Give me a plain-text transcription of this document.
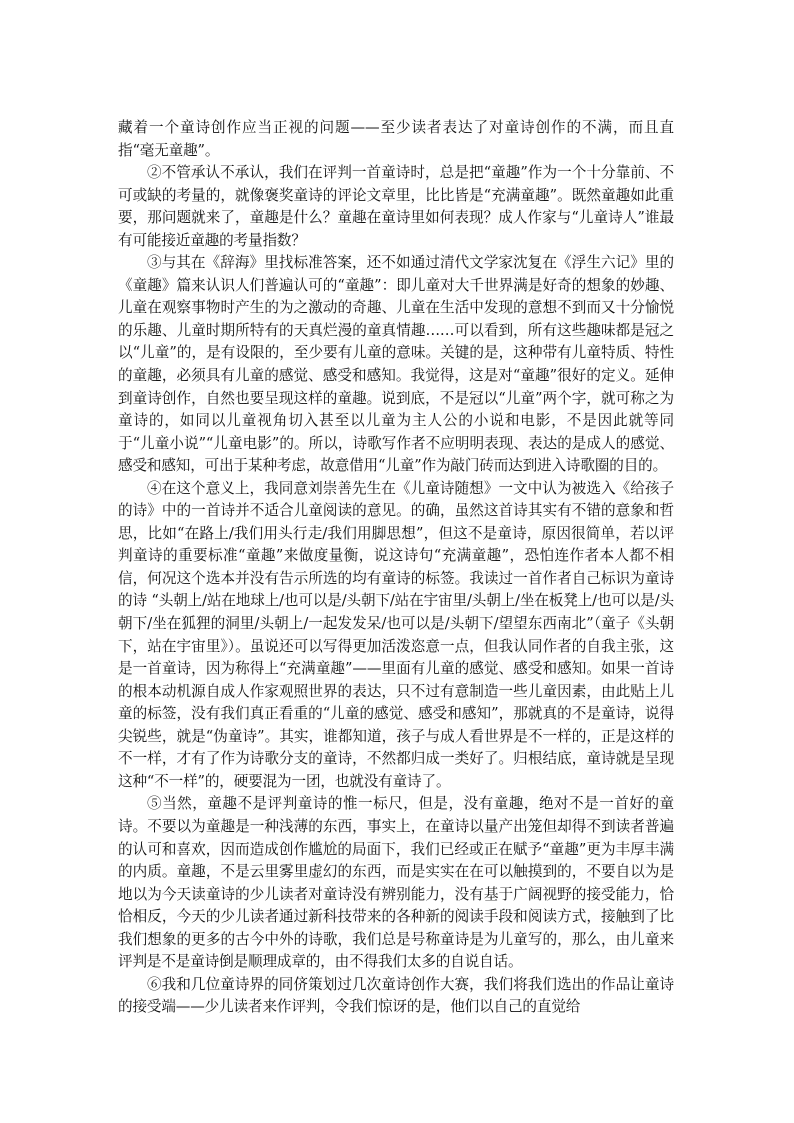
藏着一个童诗创作应当正视的问题——至少读者表达了对童诗创作的不满，而且直指“毫无童趣”。

②不管承认不承认，我们在评判一首童诗时，总是把“童趣”作为一个十分靠前、不可或缺的考量的，就像褒奖童诗的评论文章里，比比皆是“充满童趣”。既然童趣如此重要，那问题就来了，童趣是什么？童趣在童诗里如何表现？成人作家与“儿童诗人”谁最有可能接近童趣的考量指数？

③与其在《辞海》里找标准答案，还不如通过清代文学家沈复在《浮生六记》里的《童趣》篇来认识人们普遍认可的“童趣”：即儿童对大千世界满是好奇的想象的妙趣、儿童在观察事物时产生的为之激动的奇趣、儿童在生活中发现的意想不到而又十分愉悦的乐趣、儿童时期所特有的天真烂漫的童真情趣……可以看到，所有这些趣味都是冠之以“儿童”的，是有设限的，至少要有儿童的意味。关键的是，这种带有儿童特质、特性的童趣，必须具有儿童的感觉、感受和感知。我觉得，这是对“童趣”很好的定义。延伸到童诗创作，自然也要呈现这样的童趣。说到底，不是冠以“儿童”两个字，就可称之为童诗的，如同以儿童视角切入甚至以儿童为主人公的小说和电影，不是因此就等同于“儿童小说”“儿童电影”的。所以，诗歌写作者不应明明表现、表达的是成人的感觉、感受和感知，可出于某种考虑，故意借用“儿童”作为敲门砖而达到进入诗歌圈的目的。

④在这个意义上，我同意刘崇善先生在《儿童诗随想》一文中认为被选入《给孩子的诗》中的一首诗并不适合儿童阅读的意见。的确，虽然这首诗其实有不错的意象和哲思，比如“在路上/我们用头行走/我们用脚思想”，但这不是童诗，原因很简单，若以评判童诗的重要标准“童趣”来做度量衡，说这诗句“充满童趣”，恐怕连作者本人都不相信，何况这个选本并没有告示所选的均有童诗的标签。我读过一首作者自己标识为童诗的诗 “头朝上/站在地球上/也可以是/头朝下/站在宇宙里/头朝上/坐在板凳上/也可以是/头朝下/坐在狐狸的洞里/头朝上/一起发发呆/也可以是/头朝下/望望东西南北”（童子《头朝下，站在宇宙里》）。虽说还可以写得更加活泼恣意一点，但我认同作者的自我主张，这是一首童诗，因为称得上“充满童趣”——里面有儿童的感觉、感受和感知。如果一首诗的根本动机源自成人作家观照世界的表达，只不过有意制造一些儿童因素，由此贴上儿童的标签，没有我们真正看重的“儿童的感觉、感受和感知”，那就真的不是童诗，说得尖锐些，就是“伪童诗”。其实，谁都知道，孩子与成人看世界是不一样的，正是这样的不一样，才有了作为诗歌分支的童诗，不然都归成一类好了。归根结底，童诗就是呈现这种“不一样”的，硬要混为一团，也就没有童诗了。

⑤当然，童趣不是评判童诗的惟一标尺，但是，没有童趣，绝对不是一首好的童诗。不要以为童趣是一种浅薄的东西，事实上，在童诗以量产出笼但却得不到读者普遍的认可和喜欢，因而造成创作尴尬的局面下，我们已经或正在赋予“童趣”更为丰厚丰满的内质。童趣，不是云里雾里虚幻的东西，而是实实在在可以触摸到的，不要自以为是地以为今天读童诗的少儿读者对童诗没有辨别能力，没有基于广阔视野的接受能力，恰恰相反，今天的少儿读者通过新科技带来的各种新的阅读手段和阅读方式，接触到了比我们想象的更多的古今中外的诗歌，我们总是号称童诗是为儿童写的，那么，由儿童来评判是不是童诗倒是顺理成章的，由不得我们太多的自说自话。

⑥我和几位童诗界的同侪策划过几次童诗创作大赛，我们将我们选出的作品让童诗的接受端——少儿读者来作评判，令我们惊讶的是，他们以自己的直觉给
